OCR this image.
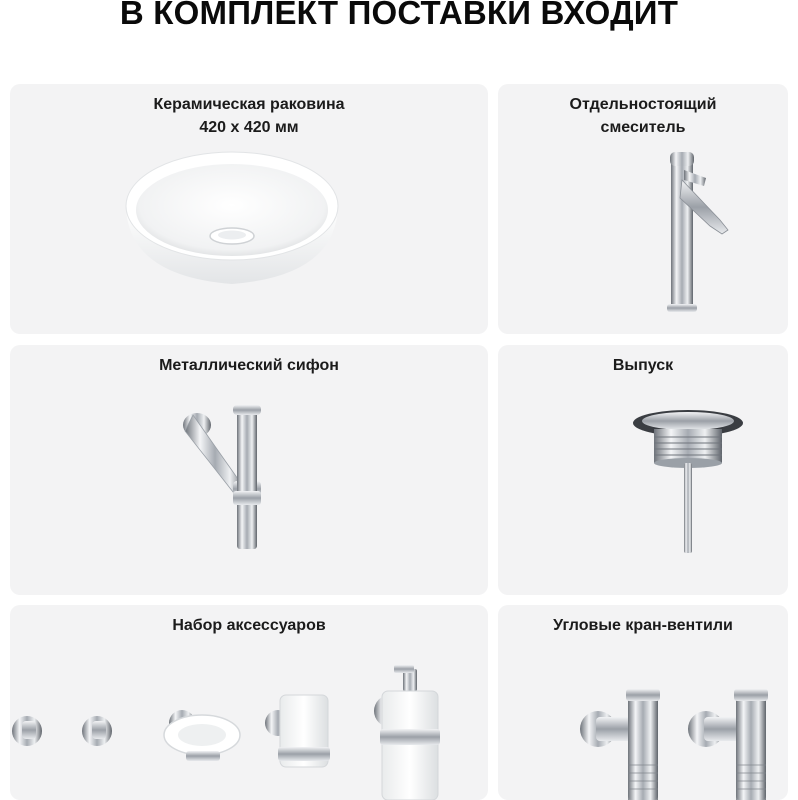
В КОМПЛЕКТ ПОСТАВКИ ВХОДИТ
Керамическая раковина
420 x 420 мм
Отдельностоящий
смеситель
Металлический сифон	Выпуск
Набор аксессуаров	Угловые кран-вентили
